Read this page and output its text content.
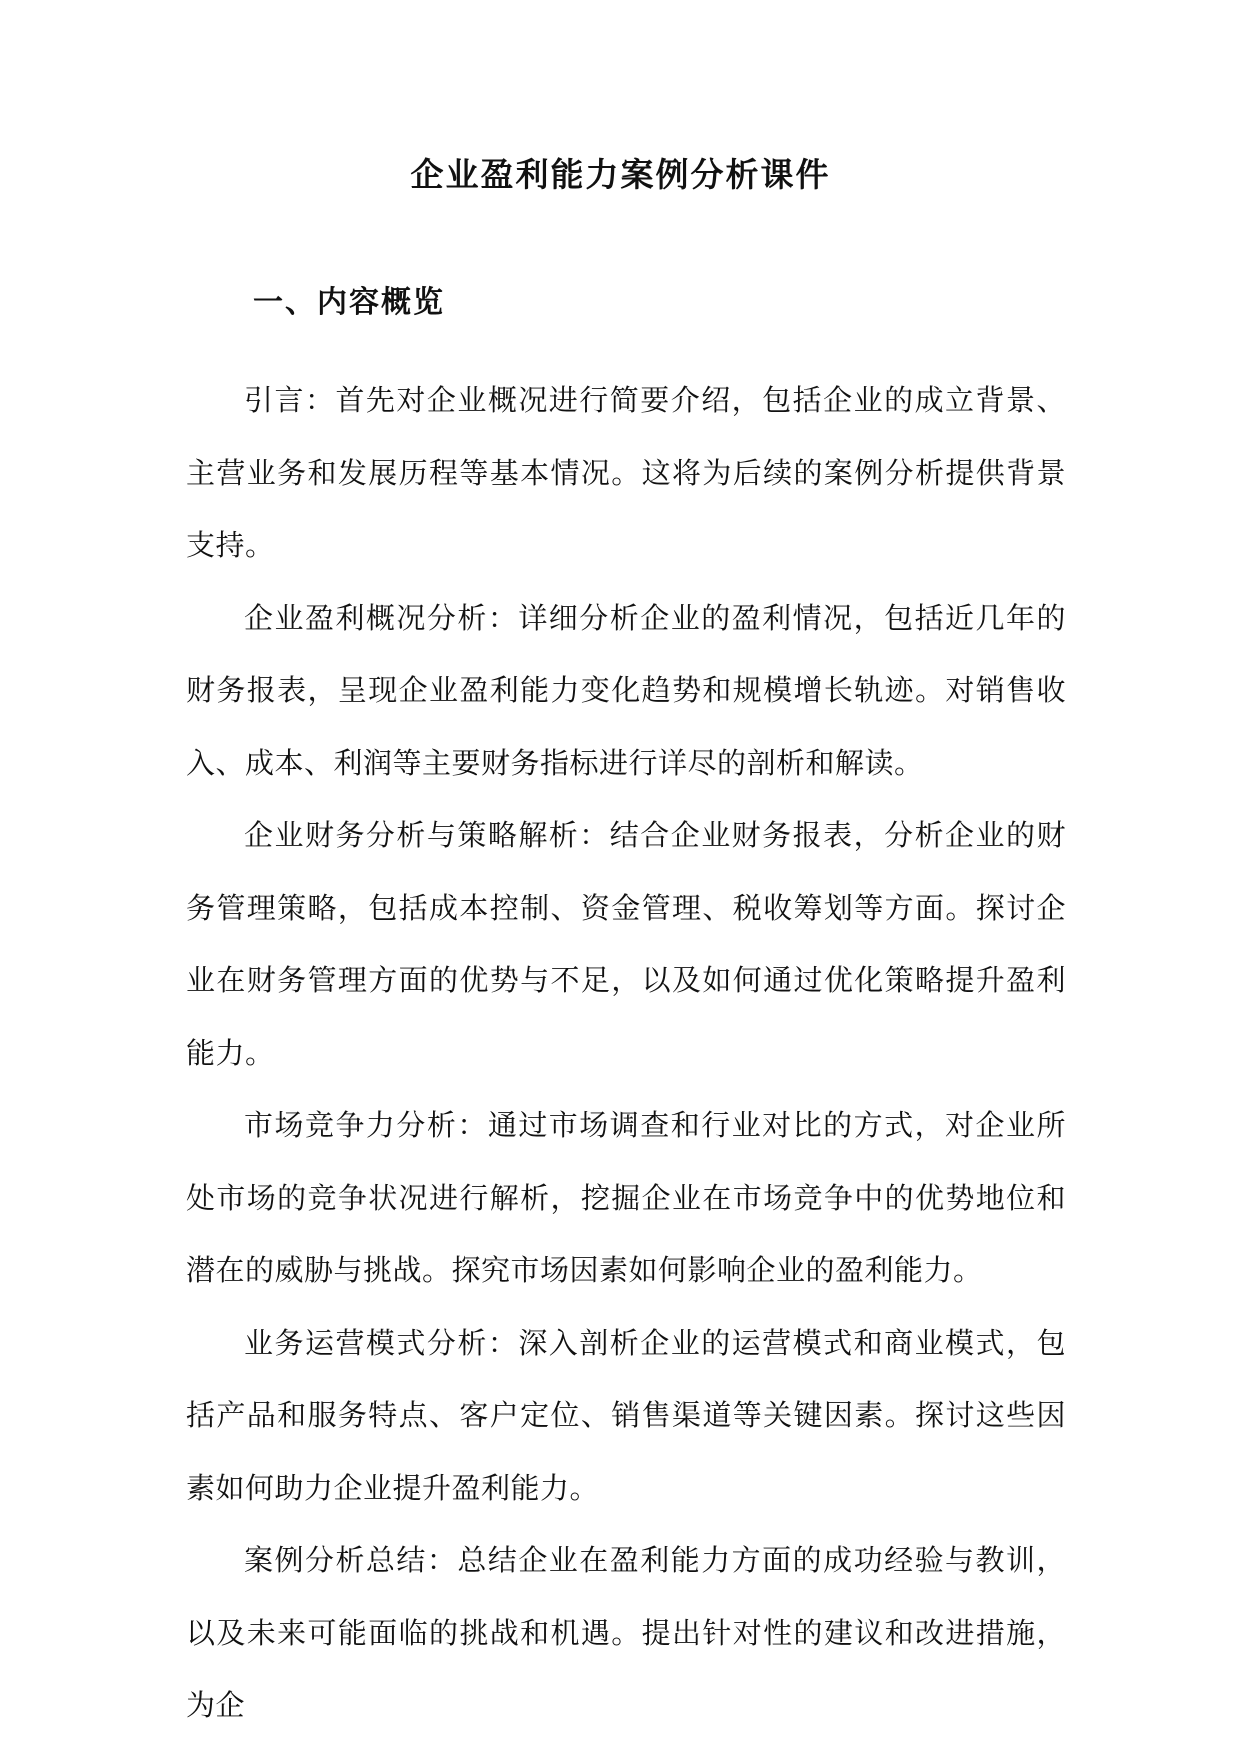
企业盈利能力案例分析课件
一、内容概览

引言：首先对企业概况进行简要介绍，包括企业的成立背景、主营业务和发展历程等基本情况。这将为后续的案例分析提供背景支持。

企业盈利概况分析：详细分析企业的盈利情况，包括近几年的财务报表，呈现企业盈利能力变化趋势和规模增长轨迹。对销售收入、成本、利润等主要财务指标进行详尽的剖析和解读。

企业财务分析与策略解析：结合企业财务报表，分析企业的财务管理策略，包括成本控制、资金管理、税收筹划等方面。探讨企业在财务管理方面的优势与不足，以及如何通过优化策略提升盈利能力。

市场竞争力分析：通过市场调查和行业对比的方式，对企业所处市场的竞争状况进行解析，挖掘企业在市场竞争中的优势地位和潜在的威胁与挑战。探究市场因素如何影响企业的盈利能力。

业务运营模式分析：深入剖析企业的运营模式和商业模式，包括产品和服务特点、客户定位、销售渠道等关键因素。探讨这些因素如何助力企业提升盈利能力。

案例分析总结：总结企业在盈利能力方面的成功经验与教训，以及未来可能面临的挑战和机遇。提出针对性的建议和改进措施，为企
